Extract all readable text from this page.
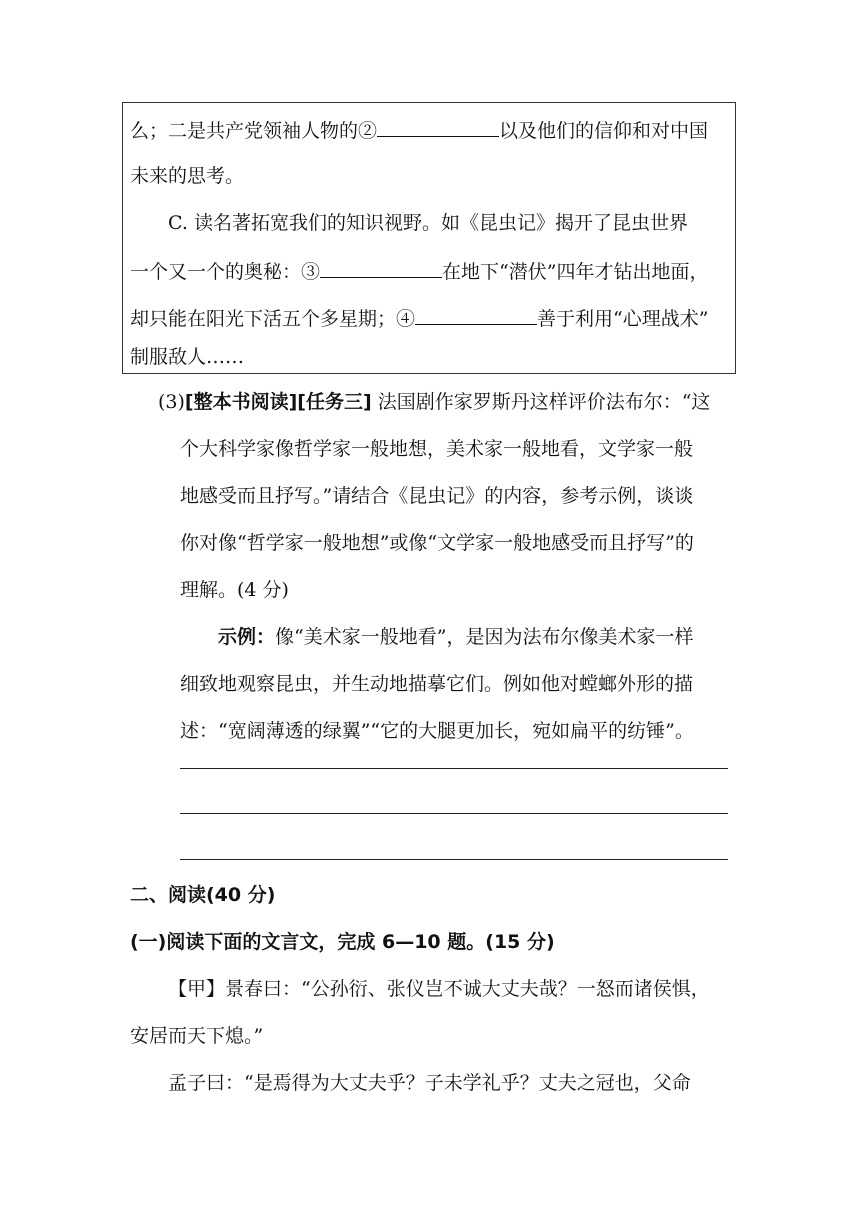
么；二是共产党领袖人物的②	以及他们的信仰和对中国
未来的思考。
C. 读名著拓宽我们的知识视野。如《昆虫记》揭开了昆虫世界
一个又一个的奥秘：③	在地下“潜伏”四年才钻出地面，
却只能在阳光下活五个多星期；④	善于利用“心理战术”
制服敌人……
(3)[整本书阅读][任务三] 法国剧作家罗斯丹这样评价法布尔：“这
个大科学家像哲学家一般地想，美术家一般地看，文学家一般
地感受而且抒写。”请结合《昆虫记》的内容，参考示例，谈谈
你对像“哲学家一般地想”或像“文学家一般地感受而且抒写”的
理解。(4 分)
示例：像“美术家一般地看”，是因为法布尔像美术家一样
细致地观察昆虫，并生动地描摹它们。例如他对螳螂外形的描
述：“宽阔薄透的绿翼”“它的大腿更加长，宛如扁平的纺锤”。
二、阅读(40 分)
(一)阅读下面的文言文，完成 6—10 题。(15 分)
【甲】景春曰：“公孙衍、张仪岂不诚大丈夫哉？一怒而诸侯惧，
安居而天下熄。”
孟子曰：“是焉得为大丈夫乎？子未学礼乎？丈夫之冠也，父命
